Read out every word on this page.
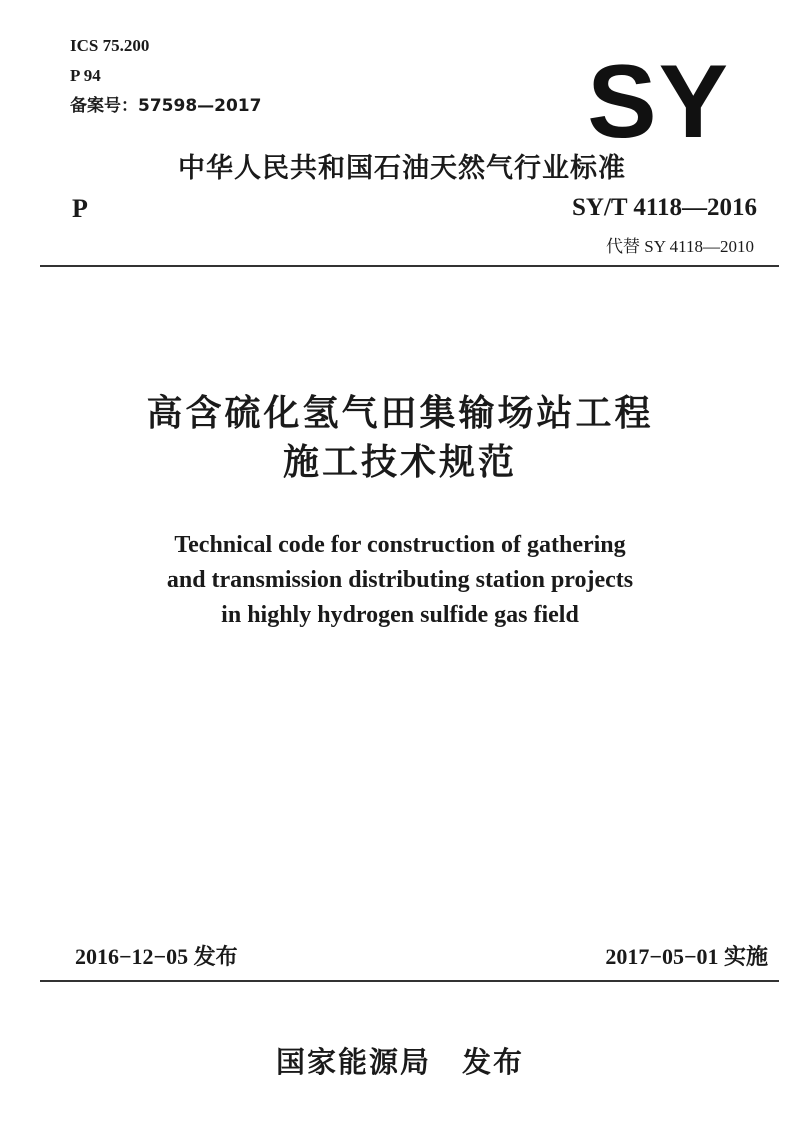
ICS 75.200
P 94
备案号：57598—2017	SY
中华人民共和国石油天然气行业标准
P	SY/T 4118—2016
代替 SY 4118—2010
高含硫化氢气田集输场站工程
施工技术规范
Technical code for construction of gathering
and transmission distributing station projects
in highly hydrogen sulfide gas field
2016−12−05 发布	2017−05−01 实施
国家能源局　发布
